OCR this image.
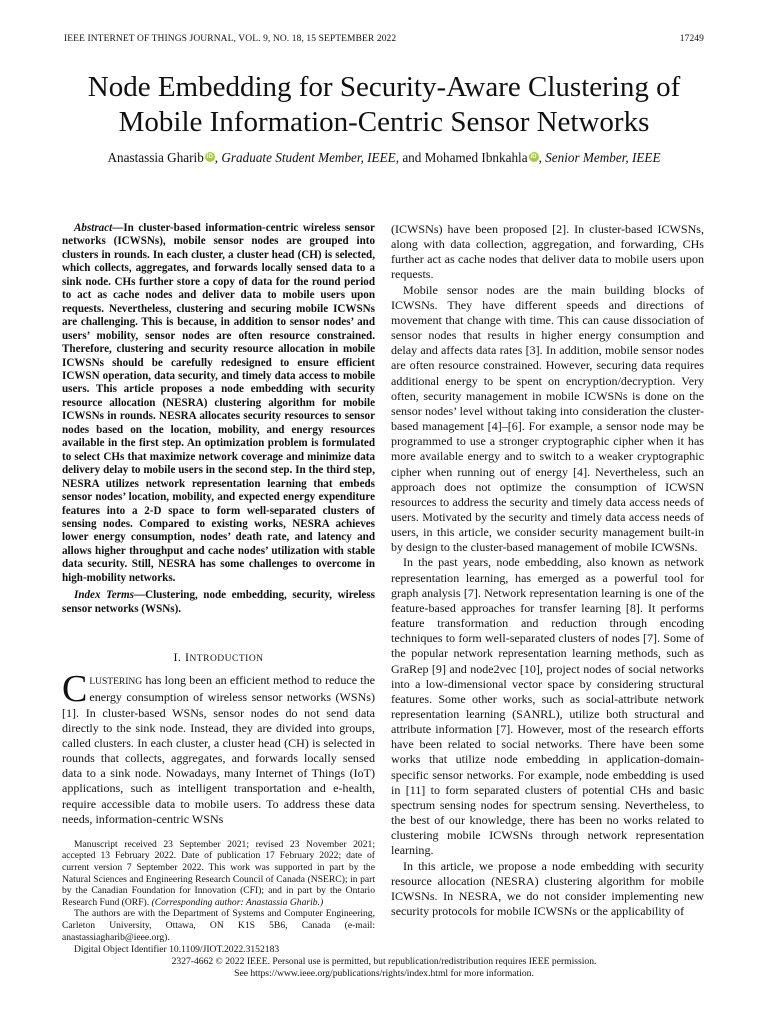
IEEE INTERNET OF THINGS JOURNAL, VOL. 9, NO. 18, 15 SEPTEMBER 2022	17249
Node Embedding for Security-Aware Clustering of
Mobile Information-Centric Sensor Networks
Anastassia Gharib iD , Graduate Student Member, IEEE, and Mohamed Ibnkahla iD , Senior Member, IEEE

Abstract—In cluster-based information-centric wireless sensor networks (ICWSNs), mobile sensor nodes are grouped into clusters in rounds. In each cluster, a cluster head (CH) is selected, which collects, aggregates, and forwards locally sensed data to a sink node. CHs further store a copy of data for the round period to act as cache nodes and deliver data to mobile users upon requests. Nevertheless, clustering and securing mobile ICWSNs are challenging. This is because, in addition to sensor nodes’ and users’ mobility, sensor nodes are often resource constrained. Therefore, clustering and security resource allocation in mobile ICWSNs should be carefully redesigned to ensure efficient ICWSN operation, data security, and timely data access to mobile users. This article proposes a node embedding with security resource allocation (NESRA) clustering algorithm for mobile ICWSNs in rounds. NESRA allocates security resources to sensor nodes based on the location, mobility, and energy resources available in the first step. An optimization problem is formulated to select CHs that maximize network coverage and minimize data delivery delay to mobile users in the second step. In the third step, NESRA utilizes network representation learning that embeds sensor nodes’ location, mobility, and expected energy expenditure features into a 2-D space to form well-separated clusters of sensing nodes. Compared to existing works, NESRA achieves lower energy consumption, nodes’ death rate, and latency and allows higher throughput and cache nodes’ utilization with stable data security. Still, NESRA has some challenges to overcome in high-mobility networks.

Index Terms—Clustering, node embedding, security, wireless sensor networks (WSNs).

I. INTRODUCTION

CLUSTERING has long been an efficient method to reduce the energy consumption of wireless sensor networks (WSNs) [1]. In cluster-based WSNs, sensor nodes do not send data directly to the sink node. Instead, they are divided into groups, called clusters. In each cluster, a cluster head (CH) is selected in rounds that collects, aggregates, and forwards locally sensed data to a sink node. Nowadays, many Internet of Things (IoT) applications, such as intelligent transportation and e-health, require accessible data to mobile users. To address these data needs, information-centric WSNs

Manuscript received 23 September 2021; revised 23 November 2021; accepted 13 February 2022. Date of publication 17 February 2022; date of current version 7 September 2022. This work was supported in part by the Natural Sciences and Engineering Research Council of Canada (NSERC); in part by the Canadian Foundation for Innovation (CFI); and in part by the Ontario Research Fund (ORF). (Corresponding author: Anastassia Gharib.)

The authors are with the Department of Systems and Computer Engineering, Carleton University, Ottawa, ON K1S 5B6, Canada (e-mail: anastassiagharib@ieee.org).

Digital Object Identifier 10.1109/JIOT.2022.3152183

(ICWSNs) have been proposed [2]. In cluster-based ICWSNs, along with data collection, aggregation, and forwarding, CHs further act as cache nodes that deliver data to mobile users upon requests.

Mobile sensor nodes are the main building blocks of ICWSNs. They have different speeds and directions of movement that change with time. This can cause dissociation of sensor nodes that results in higher energy consumption and delay and affects data rates [3]. In addition, mobile sensor nodes are often resource constrained. However, securing data requires additional energy to be spent on encryption/decryption. Very often, security management in mobile ICWSNs is done on the sensor nodes’ level without taking into consideration the cluster-based management [4]–[6]. For example, a sensor node may be programmed to use a stronger cryptographic cipher when it has more available energy and to switch to a weaker cryptographic cipher when running out of energy [4]. Nevertheless, such an approach does not optimize the consumption of ICWSN resources to address the security and timely data access needs of users. Motivated by the security and timely data access needs of users, in this article, we consider security management built-in by design to the cluster-based management of mobile ICWSNs.

In the past years, node embedding, also known as network representation learning, has emerged as a powerful tool for graph analysis [7]. Network representation learning is one of the feature-based approaches for transfer learning [8]. It performs feature transformation and reduction through encoding techniques to form well-separated clusters of nodes [7]. Some of the popular network representation learning methods, such as GraRep [9] and node2vec [10], project nodes of social networks into a low-dimensional vector space by considering structural features. Some other works, such as social-attribute network representation learning (SANRL), utilize both structural and attribute information [7]. However, most of the research efforts have been related to social networks. There have been some works that utilize node embedding in application-domain-specific sensor networks. For example, node embedding is used in [11] to form separated clusters of potential CHs and basic spectrum sensing nodes for spectrum sensing. Nevertheless, to the best of our knowledge, there has been no works related to clustering mobile ICWSNs through network representation learning.

In this article, we propose a node embedding with security resource allocation (NESRA) clustering algorithm for mobile ICWSNs. In NESRA, we do not consider implementing new security protocols for mobile ICWSNs or the applicability of

2327-4662 © 2022 IEEE. Personal use is permitted, but republication/redistribution requires IEEE permission.
See https://www.ieee.org/publications/rights/index.html for more information.
